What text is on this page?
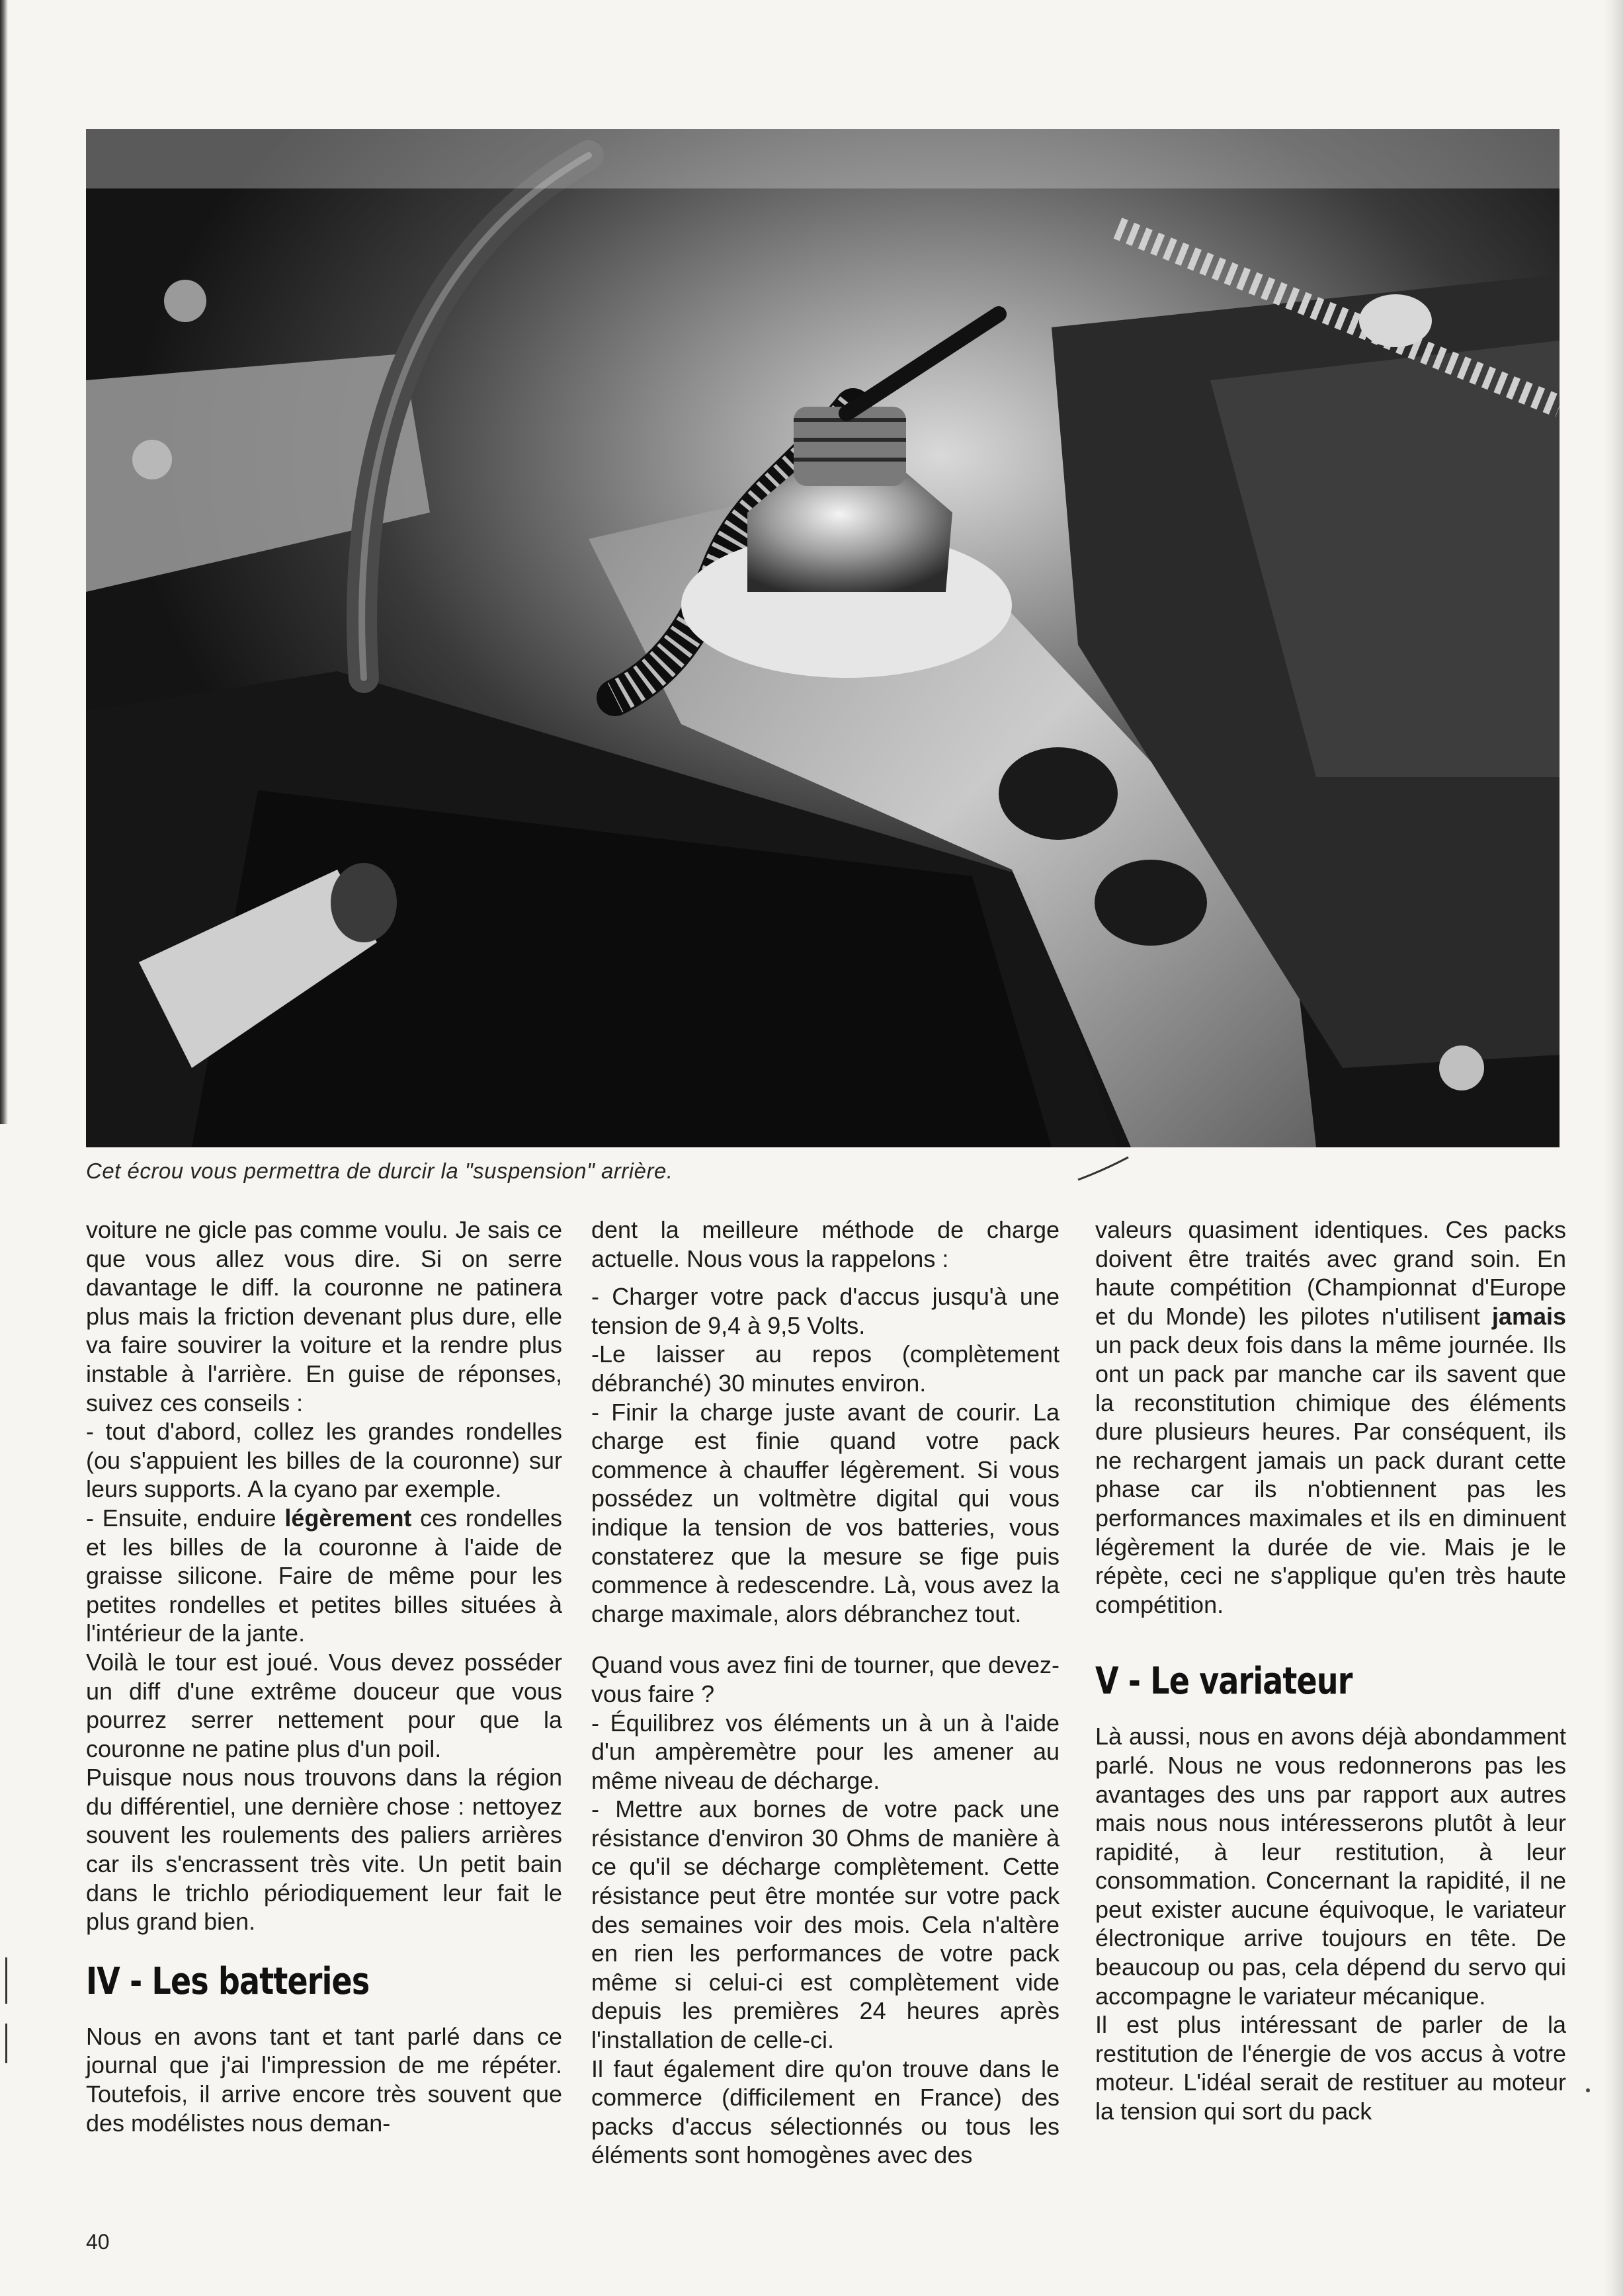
Cet écrou vous permettra de durcir la "suspension" arrière.

voiture ne gicle pas comme voulu. Je sais ce que vous allez vous dire. Si on serre davantage le diff. la couronne ne patinera plus mais la friction devenant plus dure, elle va faire souvirer la voiture et la rendre plus instable à l'arrière. En guise de réponses, suivez ces conseils :

- tout d'abord, collez les grandes rondelles (ou s'appuient les billes de la couronne) sur leurs supports. A la cyano par exemple.

- Ensuite, enduire légèrement ces rondelles et les billes de la couronne à l'aide de graisse silicone. Faire de même pour les petites rondelles et petites billes situées à l'intérieur de la jante.

Voilà le tour est joué. Vous devez posséder un diff d'une extrême douceur que vous pourrez serrer nettement pour que la couronne ne patine plus d'un poil.

Puisque nous nous trouvons dans la région du différentiel, une dernière chose : nettoyez souvent les roulements des paliers arrières car ils s'encrassent très vite. Un petit bain dans le trichlo périodiquement leur fait le plus grand bien.

IV - Les batteries

Nous en avons tant et tant parlé dans ce journal que j'ai l'impression de me répéter. Toutefois, il arrive encore très souvent que des modélistes nous deman-

dent la meilleure méthode de charge actuelle. Nous vous la rappelons :

- Charger votre pack d'accus jusqu'à une tension de 9,4 à 9,5 Volts.

-Le laisser au repos (complètement débranché) 30 minutes environ.

- Finir la charge juste avant de courir. La charge est finie quand votre pack commence à chauffer légèrement. Si vous possédez un voltmètre digital qui vous indique la tension de vos batteries, vous constaterez que la mesure se fige puis commence à redescendre. Là, vous avez la charge maximale, alors débranchez tout.

Quand vous avez fini de tourner, que devez-vous faire ?

- Équilibrez vos éléments un à un à l'aide d'un ampèremètre pour les amener au même niveau de décharge.

- Mettre aux bornes de votre pack une résistance d'environ 30 Ohms de manière à ce qu'il se décharge complètement. Cette résistance peut être montée sur votre pack des semaines voir des mois. Cela n'altère en rien les performances de votre pack même si celui-ci est complètement vide depuis les premières 24 heures après l'installation de celle-ci.

Il faut également dire qu'on trouve dans le commerce (difficilement en France) des packs d'accus sélectionnés ou tous les éléments sont homogènes avec des

valeurs quasiment identiques. Ces packs doivent être traités avec grand soin. En haute compétition (Championnat d'Europe et du Monde) les pilotes n'utilisent jamais un pack deux fois dans la même journée. Ils ont un pack par manche car ils savent que la reconstitution chimique des éléments dure plusieurs heures. Par conséquent, ils ne rechargent jamais un pack durant cette phase car ils n'obtiennent pas les performances maximales et ils en diminuent légèrement la durée de vie. Mais je le répète, ceci ne s'applique qu'en très haute compétition.

V - Le variateur

Là aussi, nous en avons déjà abondamment parlé. Nous ne vous redonnerons pas les avantages des uns par rapport aux autres mais nous nous intéresserons plutôt à leur rapidité, à leur restitution, à leur consommation. Concernant la rapidité, il ne peut exister aucune équivoque, le variateur électronique arrive toujours en tête. De beaucoup ou pas, cela dépend du servo qui accompagne le variateur mécanique.

Il est plus intéressant de parler de la restitution de l'énergie de vos accus à votre moteur. L'idéal serait de restituer au moteur la tension qui sort du pack

40
